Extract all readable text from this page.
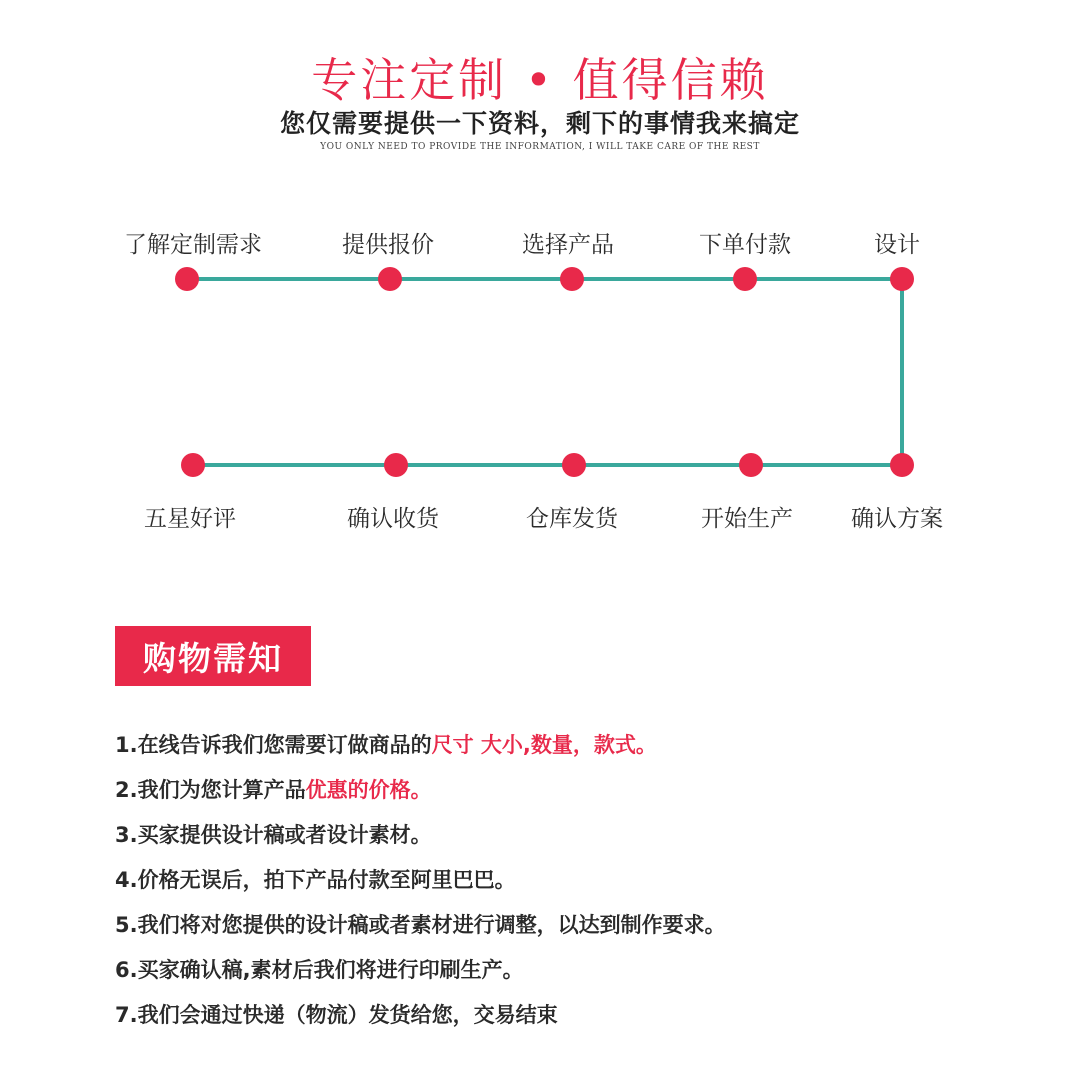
专注定制 • 值得信赖
您仅需要提供一下资料，剩下的事情我来搞定
YOU ONLY NEED TO PROVIDE THE INFORMATION, I WILL TAKE CARE OF THE REST
了解定制需求	提供报价	选择产品	下单付款	设计
五星好评	确认收货	仓库发货	开始生产	确认方案
购物需知
1.在线告诉我们您需要订做商品的尺寸 大小,数量，款式。
2.我们为您计算产品优惠的价格。
3.买家提供设计稿或者设计素材。
4.价格无误后，拍下产品付款至阿里巴巴。
5.我们将对您提供的设计稿或者素材进行调整，以达到制作要求。
6.买家确认稿,素材后我们将进行印刷生产。
7.我们会通过快递（物流）发货给您，交易结束
